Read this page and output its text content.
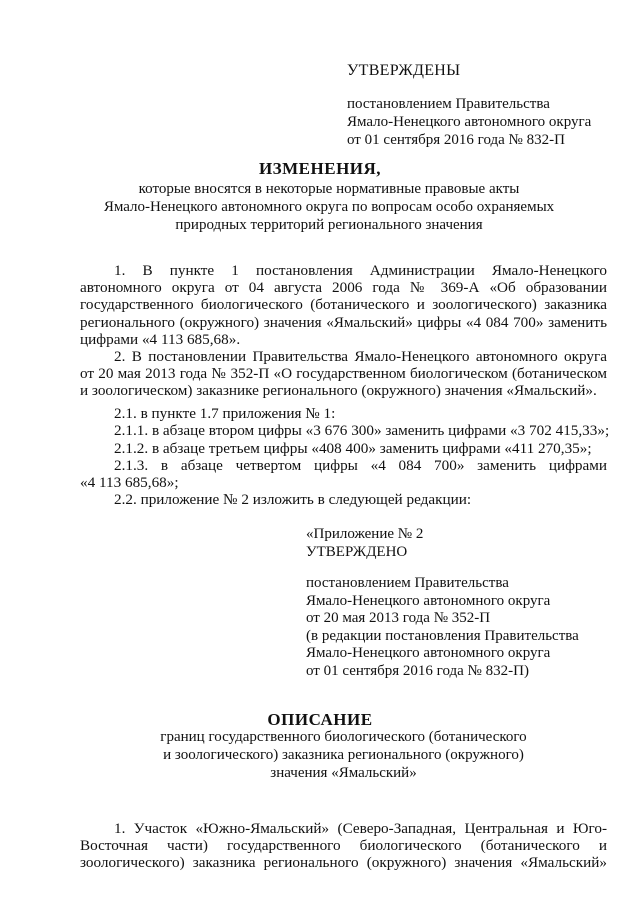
УТВЕРЖДЕНЫ
постановлением Правительства
Ямало-Ненецкого автономного округа
от 01 сентября 2016 года № 832-П
ИЗМЕНЕНИЯ,
которые вносятся в некоторые нормативные правовые акты
Ямало-Ненецкого автономного округа по вопросам особо охраняемых
природных территорий регионального значения
1. В пункте 1 постановления Администрации Ямало-Ненецкого
автономного округа от 04 августа 2006 года № 369-А «Об образовании
государственного биологического (ботанического и зоологического) заказника
регионального (окружного) значения «Ямальский» цифры «4 084 700» заменить
цифрами «4 113 685,68».
2. В постановлении Правительства Ямало-Ненецкого автономного округа
от 20 мая 2013 года № 352-П «О государственном биологическом (ботаническом
и зоологическом) заказнике регионального (окружного) значения «Ямальский».
2.1. в пункте 1.7 приложения № 1:
2.1.1. в абзаце втором цифры «3 676 300» заменить цифрами «3 702 415,33»;
2.1.2. в абзаце третьем цифры «408 400» заменить цифрами «411 270,35»;
2.1.3. в абзаце четвертом цифры «4 084 700» заменить цифрами
«4 113 685,68»;
2.2. приложение № 2 изложить в следующей редакции:
«Приложение № 2
УТВЕРЖДЕНО
постановлением Правительства
Ямало-Ненецкого автономного округа
от 20 мая 2013 года № 352-П
(в редакции постановления Правительства
Ямало-Ненецкого автономного округа
от 01 сентября 2016 года № 832-П)
ОПИСАНИЕ
границ государственного биологического (ботанического
и зоологического) заказника регионального (окружного)
значения «Ямальский»
1. Участок «Южно-Ямальский» (Северо-Западная, Центральная и Юго-
Восточная части) государственного биологического (ботанического и
зоологического) заказника регионального (окружного) значения «Ямальский»
